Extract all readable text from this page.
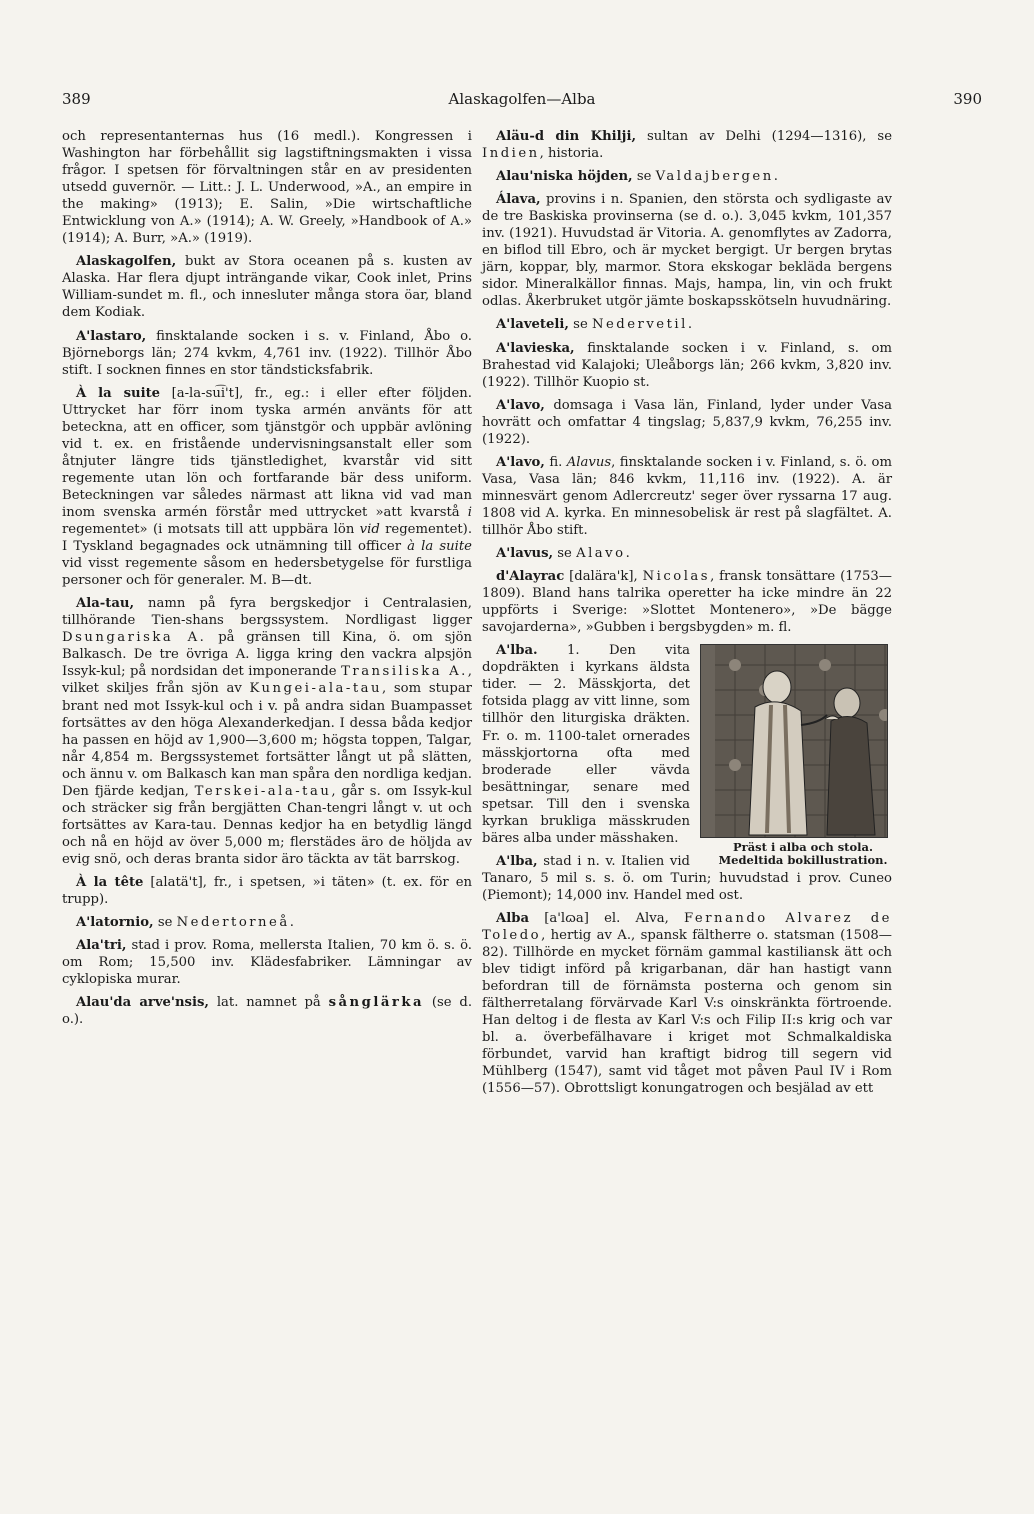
389	Alaskagolfen—Alba	390

och representanternas hus (16 medl.). Kongressen i Washington har förbehållit sig lagstiftningsmakten i vissa frågor. I spetsen för förvaltningen står en av presidenten utsedd guvernör. — Litt.: J. L. Underwood, »A., an empire in the making» (1913); E. Salin, »Die wirtschaftliche Entwicklung von A.» (1914); A. W. Greely, »Handbook of A.» (1914); A. Burr, »A.» (1919).

Alaskagolfen, bukt av Stora oceanen på s. kusten av Alaska. Har flera djupt inträngande vikar, Cook inlet, Prins William-sundet m. fl., och innesluter många stora öar, bland dem Kodiak.

A'lastaro, finsktalande socken i s. v. Finland, Åbo o. Björneborgs län; 274 kvkm, 4,761 inv. (1922). Tillhör Åbo stift. I socknen finnes en stor tändsticksfabrik.

À la suite [a-la-su͡i't], fr., eg.: i eller efter följden. Uttrycket har förr inom tyska armén använts för att beteckna, att en officer, som tjänstgör och uppbär avlöning vid t. ex. en fristående undervisningsanstalt eller som åtnjuter längre tids tjänstledighet, kvarstår vid sitt regemente utan lön och fortfarande bär dess uniform. Beteckningen var således närmast att likna vid vad man inom svenska armén förstår med uttrycket »att kvarstå i regementet» (i motsats till att uppbära lön vid regementet). I Tyskland begagnades ock utnämning till officer à la suite vid visst regemente såsom en hedersbetygelse för furstliga personer och för generaler. M. B—dt.

Ala-tau, namn på fyra bergskedjor i Centralasien, tillhörande Tien-shans bergssystem. Nordligast ligger Dsungariska A. på gränsen till Kina, ö. om sjön Balkasch. De tre övriga A. ligga kring den vackra alpsjön Issyk-kul; på nordsidan det imponerande Transiliska A., vilket skiljes från sjön av Kungei-ala-tau, som stupar brant ned mot Issyk-kul och i v. på andra sidan Buampasset fortsättes av den höga Alexanderkedjan. I dessa båda kedjor ha passen en höjd av 1,900—3,600 m; högsta toppen, Talgar, når 4,854 m. Bergssystemet fortsätter långt ut på slätten, och ännu v. om Balkasch kan man spåra den nordliga kedjan. Den fjärde kedjan, Terskei-ala-tau, går s. om Issyk-kul och sträcker sig från bergjätten Chan-tengri långt v. ut och fortsättes av Kara-tau. Dennas kedjor ha en betydlig längd och nå en höjd av över 5,000 m; flerstädes äro de höljda av evig snö, och deras branta sidor äro täckta av tät barrskog.

À la tête [alatä't], fr., i spetsen, »i täten» (t. ex. för en trupp).

A'latornio, se Nedertorneå.

Ala'tri, stad i prov. Roma, mellersta Italien, 70 km ö. s. ö. om Rom; 15,500 inv. Klädesfabriker. Lämningar av cyklopiska murar.

Alau'da arve'nsis, lat. namnet på sånglärka (se d. o.).

Aläu-d din Khilji, sultan av Delhi (1294—1316), se Indien, historia.

Alau'niska höjden, se Valdajbergen.

Álava, provins i n. Spanien, den största och sydligaste av de tre Baskiska provinserna (se d. o.). 3,045 kvkm, 101,357 inv. (1921). Huvudstad är Vitoria. A. genomflytes av Zadorra, en biflod till Ebro, och är mycket bergigt. Ur bergen brytas järn, koppar, bly, marmor. Stora ekskogar bekläda bergens sidor. Mineralkällor finnas. Majs, hampa, lin, vin och frukt odlas. Åkerbruket utgör jämte boskapsskötseln huvudnäring.

A'laveteli, se Nedervetil.

A'lavieska, finsktalande socken i v. Finland, s. om Brahestad vid Kalajoki; Uleåborgs län; 266 kvkm, 3,820 inv. (1922). Tillhör Kuopio st.

A'lavo, domsaga i Vasa län, Finland, lyder under Vasa hovrätt och omfattar 4 tingslag; 5,837,9 kvkm, 76,255 inv. (1922).

A'lavo, fi. Alavus, finsktalande socken i v. Finland, s. ö. om Vasa, Vasa län; 846 kvkm, 11,116 inv. (1922). A. är minnesvärt genom Adlercreutz' seger över ryssarna 17 aug. 1808 vid A. kyrka. En minnesobelisk är rest på slagfältet. A. tillhör Åbo stift.

A'lavus, se Alavo.

d'Alayrac [dalära'k], Nicolas, fransk tonsättare (1753—1809). Bland hans talrika operetter ha icke mindre än 22 uppförts i Sverige: »Slottet Montenero», »De bägge savojarderna», »Gubben i bergsbygden» m. fl.

Präst i alba och stola.
Medeltida bokillustration.
A'lba. 1. Den vita dopdräkten i kyrkans äldsta tider. — 2. Mässkjorta, det fotsida plagg av vitt linne, som tillhör den liturgiska dräkten. Fr. o. m. 1100-talet ornerades mässkjortorna ofta med broderade eller vävda besättningar, senare med spetsar. Till den i svenska kyrkan brukliga mässkruden bäres alba under mässhaken.

A'lba, stad i n. v. Italien vid Tanaro, 5 mil s. s. ö. om Turin; huvudstad i prov. Cuneo (Piemont); 14,000 inv. Handel med ost.

Alba [a'lɷa] el. Alva, Fernando Alvarez de Toledo, hertig av A., spansk fältherre o. statsman (1508—82). Tillhörde en mycket förnäm gammal kastiliansk ätt och blev tidigt införd på krigarbanan, där han hastigt vann befordran till de förnämsta posterna och genom sin fältherretalang förvärvade Karl V:s oinskränkta förtroende. Han deltog i de flesta av Karl V:s och Filip II:s krig och var bl. a. överbefälhavare i kriget mot Schmalkaldiska förbundet, varvid han kraftigt bidrog till segern vid Mühlberg (1547), samt vid tåget mot påven Paul IV i Rom (1556—57). Obrottsligt konungatrogen och besjälad av ett
